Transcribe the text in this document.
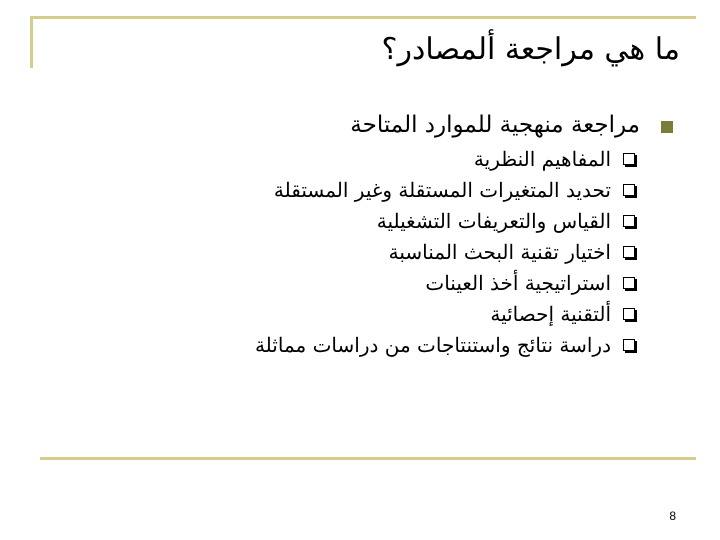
ما هي مراجعة ألمصادر؟
مراجعة منهجية للموارد المتاحة
المفاهيم النظرية
تحديد المتغيرات المستقلة وغير المستقلة
القياس والتعريفات التشغيلية
اختيار تقنية البحث المناسبة
استراتيجية أخذ العينات
ألتقنية إحصائية
دراسة نتائج واستنتاجات من دراسات مماثلة
8
